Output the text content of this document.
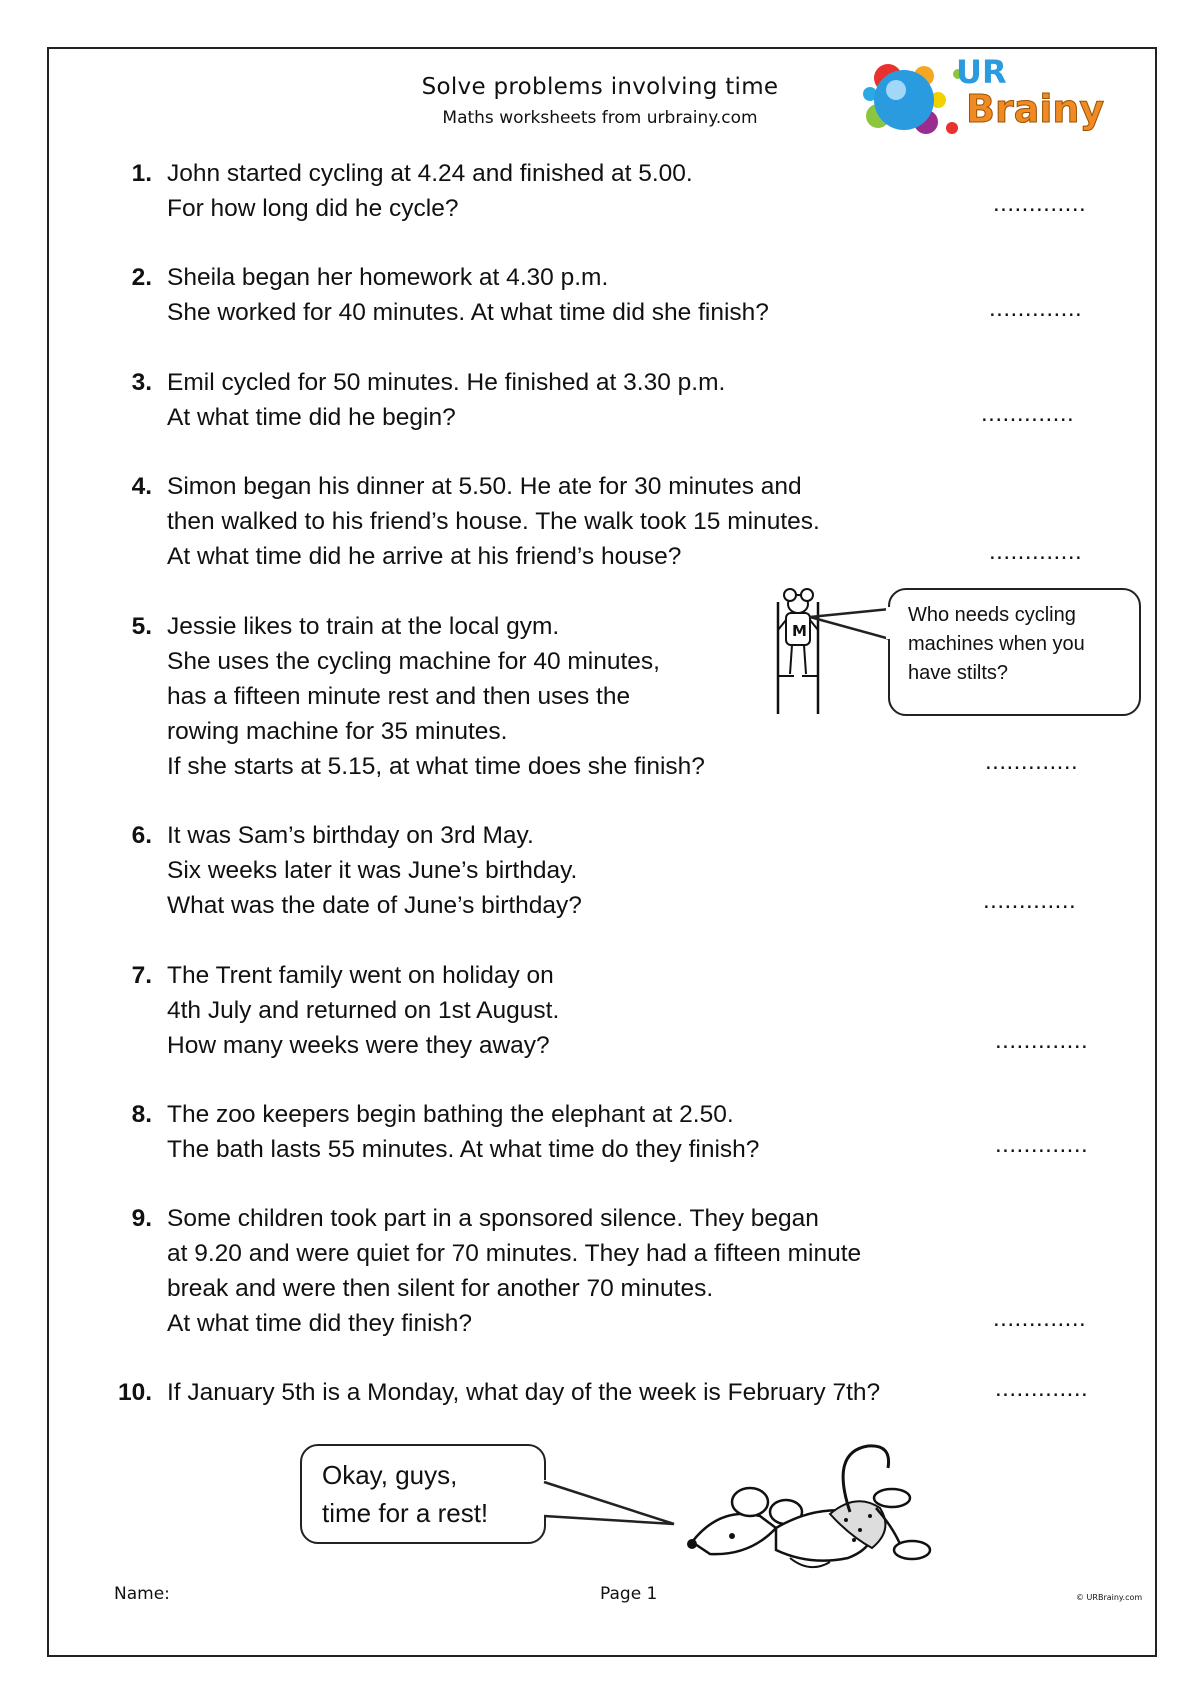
Solve problems involving time
Maths worksheets from urbrainy.com
UR
Brainy
1. John started cycling at 4.24 and finished at 5.00.
For how long did he cycle?	.............
2. Sheila began her homework at 4.30 p.m.
She worked for 40 minutes. At what time did she finish?	.............
3. Emil cycled for 50 minutes. He finished at 3.30 p.m.
At what time did he begin?	.............
4. Simon began his dinner at 5.50. He ate for 30 minutes and
then walked to his friend’s house. The walk took 15 minutes.
At what time did he arrive at his friend’s house?	.............
5. Jessie likes to train at the local gym.
She uses the cycling machine for 40 minutes,
has a fifteen minute rest and then uses the
rowing machine for 35 minutes.
If she starts at 5.15, at what time does she finish?	.............
6. It was Sam’s birthday on 3rd May.
Six weeks later it was June’s birthday.
What was the date of June’s birthday?	.............
7. The Trent family went on holiday on
4th July and returned on 1st August.
How many weeks were they away?	.............
8. The zoo keepers begin bathing the elephant at 2.50.
The bath lasts 55 minutes. At what time do they finish?	.............
9. Some children took part in a sponsored silence. They began
at 9.20 and were quiet for 70 minutes. They had a fifteen minute
break and were then silent for another 70 minutes.
At what time did they finish?	.............
10. If January 5th is a Monday, what day of the week is February 7th?	.............
M
Who needs cycling
machines when you
have stilts?
Okay, guys,
time for a rest!
Name:	Page 1	© URBrainy.com
